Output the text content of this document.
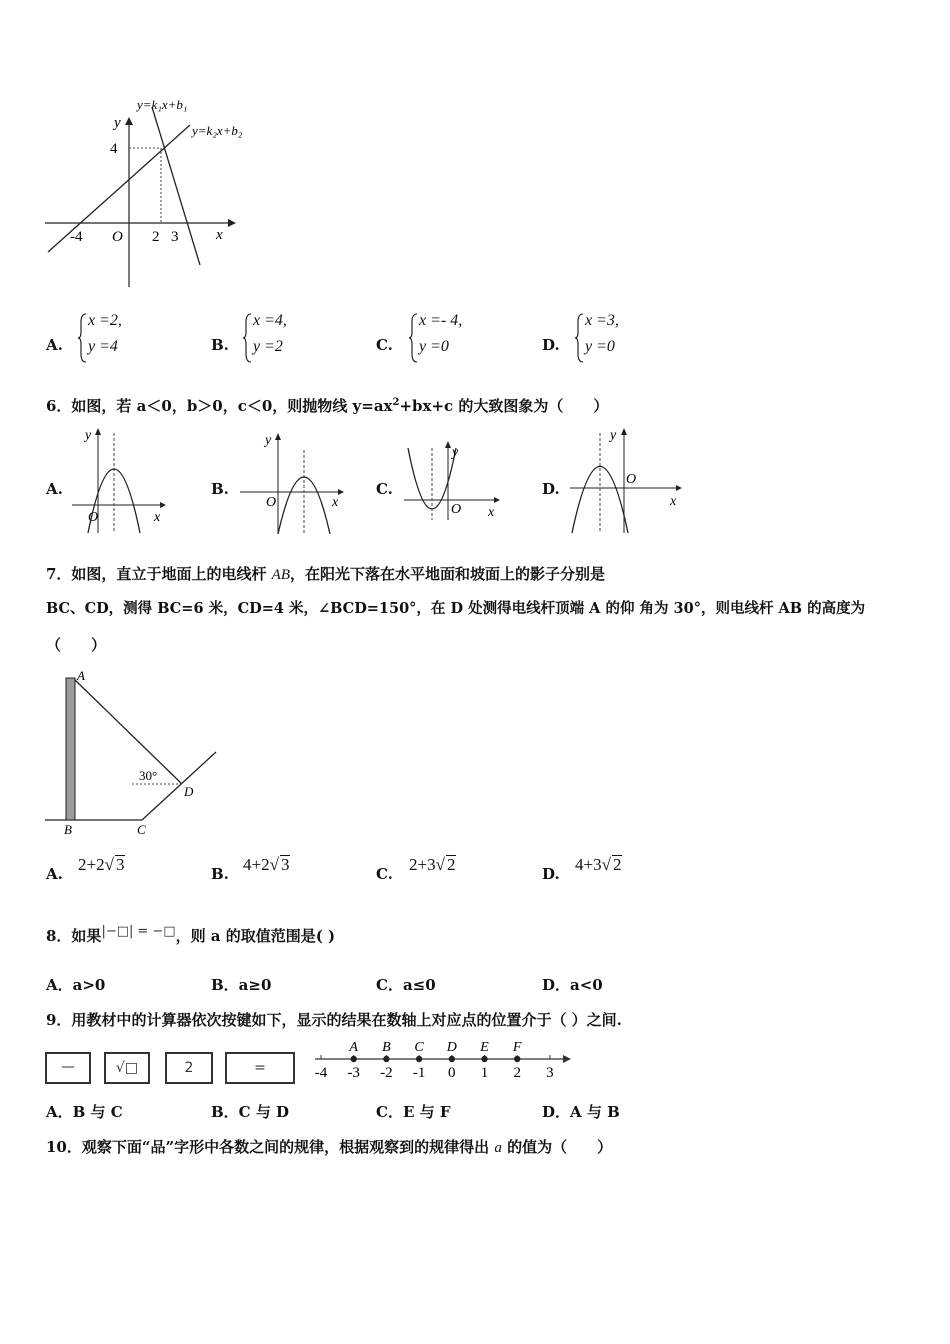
y=k₁x+b₁
y=k₂x+b₂
y
x
O
4
-4	2 3
A.
x =2,
y =4	B.
x =4,
y =2	C.
x =- 4,
y =0	D.
x =3,
y =0
6．如图，若 a＜0，b＞0，c＜0，则抛物线 $y=ax^2+bx+c$ 的大致图象为（　　）
A.
y
x
O
B.
y
x
O
C.
y
x
O
D.
y
x
O
7．如图，直立于地面上的电线杆 AB，在阳光下落在水平地面和坡面上的影子分别是
BC、CD，测得 BC=6 米，CD=4 米，∠BCD=150°，在 D 处测得电线杆顶端 A 的仰 角为 30°，则电线杆 AB 的高度为
（　　）
A
B	C
D
30°
A. 2+2√ 3	B. 4+2√ 3	C. 2+3√ 2	D. 4+3√ 2
8．如果|−□| = −□，则 a 的取值范围是( )
A．a>0	B．a≥0	C．a≤0	D．a<0
9．用教材中的计算器依次按键如下，显示的结果在数轴上对应点的位置介于（ ）之间.
—	√□	2	=	-4 -3 -2 -1 0 1 2 3
A B C D E F
A．B 与 C	B．C 与 D	C．E 与 F	D．A 与 B
10．观察下面“品”字形中各数之间的规律，根据观察到的规律得出 a 的值为（　　）
